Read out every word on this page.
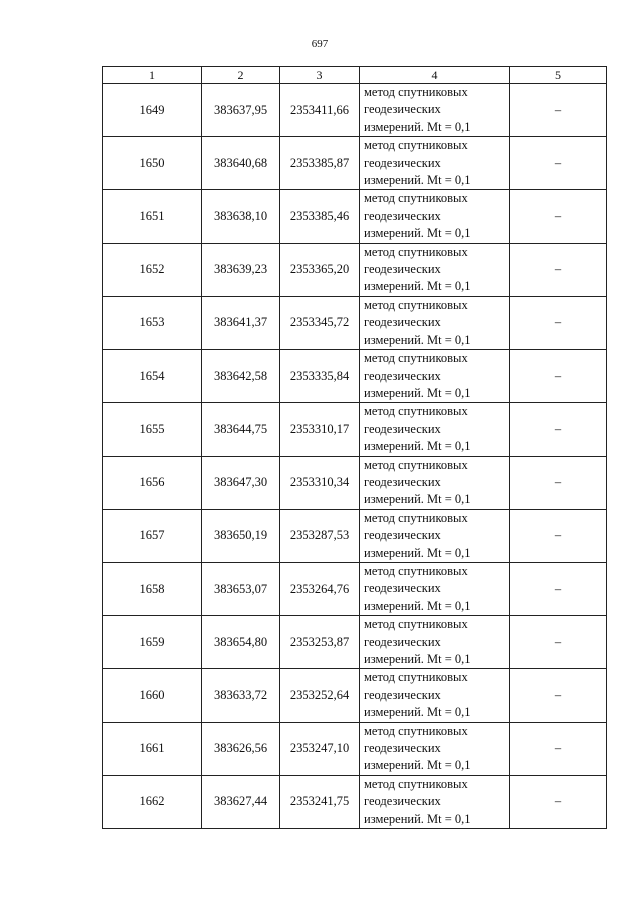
697
1	2	3	4	5
1649	383637,95	2353411,66	метод спутниковых
геодезических
измерений. Mt = 0,1	–
1650	383640,68	2353385,87	метод спутниковых
геодезических
измерений. Mt = 0,1	–
1651	383638,10	2353385,46	метод спутниковых
геодезических
измерений. Mt = 0,1	–
1652	383639,23	2353365,20	метод спутниковых
геодезических
измерений. Mt = 0,1	–
1653	383641,37	2353345,72	метод спутниковых
геодезических
измерений. Mt = 0,1	–
1654	383642,58	2353335,84	метод спутниковых
геодезических
измерений. Mt = 0,1	–
1655	383644,75	2353310,17	метод спутниковых
геодезических
измерений. Mt = 0,1	–
1656	383647,30	2353310,34	метод спутниковых
геодезических
измерений. Mt = 0,1	–
1657	383650,19	2353287,53	метод спутниковых
геодезических
измерений. Mt = 0,1	–
1658	383653,07	2353264,76	метод спутниковых
геодезических
измерений. Mt = 0,1	–
1659	383654,80	2353253,87	метод спутниковых
геодезических
измерений. Mt = 0,1	–
1660	383633,72	2353252,64	метод спутниковых
геодезических
измерений. Mt = 0,1	–
1661	383626,56	2353247,10	метод спутниковых
геодезических
измерений. Mt = 0,1	–
1662	383627,44	2353241,75	метод спутниковых
геодезических
измерений. Mt = 0,1	–
